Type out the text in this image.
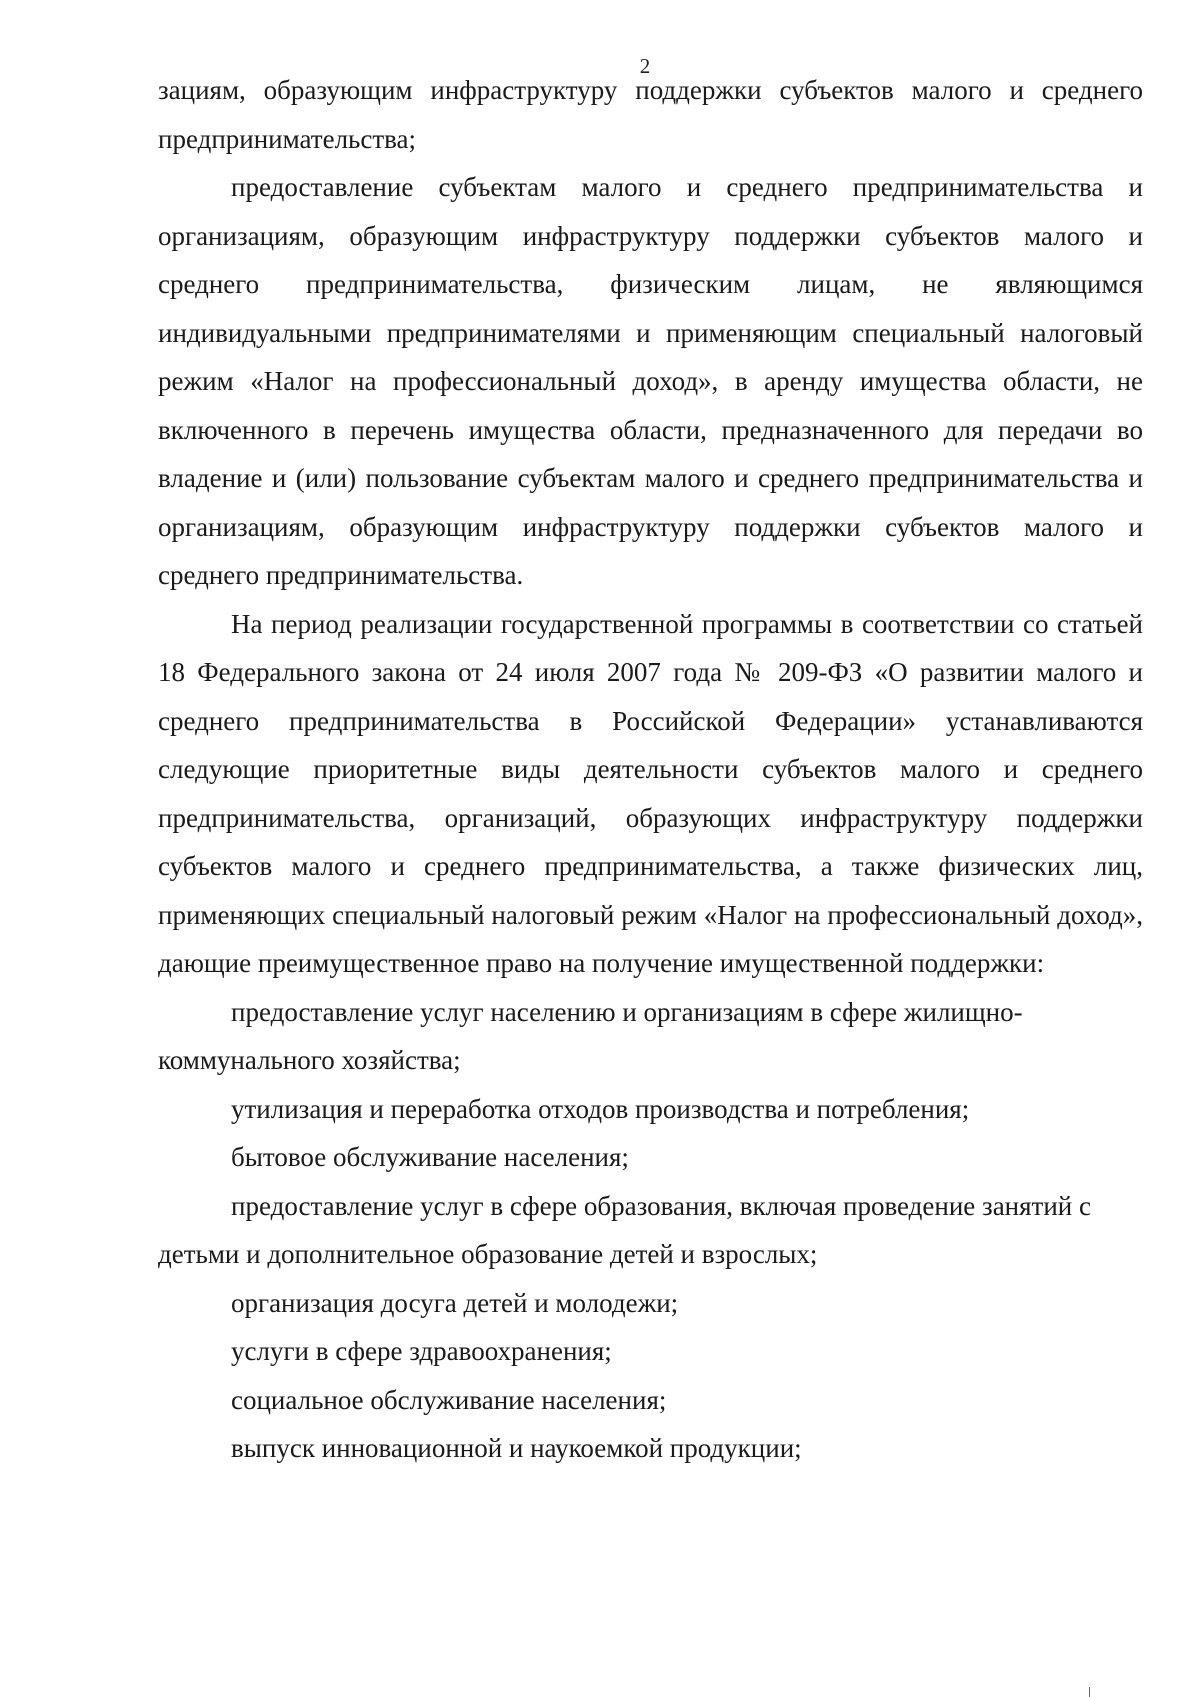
2

зациям, образующим инфраструктуру поддержки субъектов малого и среднего предпринимательства;

предоставление субъектам малого и среднего предпринимательства и организациям, образующим инфраструктуру поддержки субъектов малого и среднего предпринимательства, физическим лицам, не являющимся индивидуальными предпринимателями и применяющим специальный налоговый режим «Налог на профессиональный доход», в аренду имущества области, не включенного в перечень имущества области, предназначенного для передачи во владение и (или) пользование субъектам малого и среднего предпринимательства и организациям, образующим инфраструктуру поддержки субъектов малого и среднего предпринимательства.

На период реализации государственной программы в соответствии со статьей 18 Федерального закона от 24 июля 2007 года № 209-ФЗ «О развитии малого и среднего предпринимательства в Российской Федерации» устанавливаются следующие приоритетные виды деятельности субъектов малого и среднего предпринимательства, организаций, образующих инфраструктуру поддержки субъектов малого и среднего предпринимательства, а также физических лиц, применяющих специальный налоговый режим «Налог на профессиональный доход», дающие преимущественное право на получение имущественной поддержки:

предоставление услуг населению и организациям в сфере жилищно-коммунального хозяйства;

утилизация и переработка отходов производства и потребления;

бытовое обслуживание населения;

предоставление услуг в сфере образования, включая проведение занятий с детьми и дополнительное образование детей и взрослых;

организация досуга детей и молодежи;

услуги в сфере здравоохранения;

социальное обслуживание населения;

выпуск инновационной и наукоемкой продукции;
